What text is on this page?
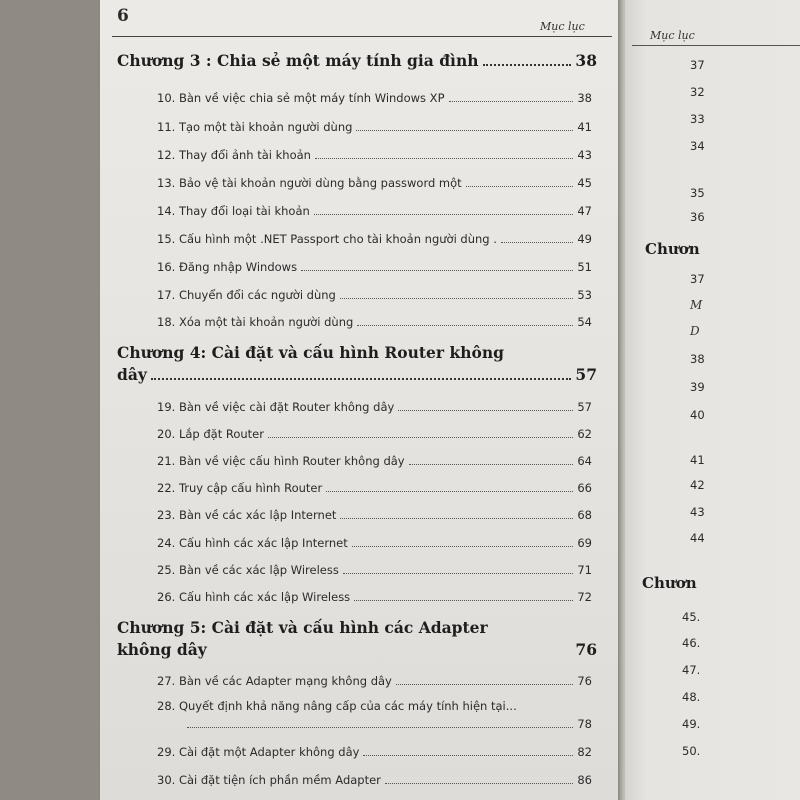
6
Mục lục
Chương 3 : Chia sẻ một máy tính gia đình	38
10. Bàn về việc chia sẻ một máy tính Windows XP	38
11. Tạo một tài khoản người dùng	41
12. Thay đổi ảnh tài khoản	43
13. Bảo vệ tài khoản người dùng bằng password một	45
14. Thay đổi loại tài khoản	47
15. Cấu hình một .NET Passport cho tài khoản người dùng .	49
16. Đăng nhập Windows	51
17. Chuyển đổi các người dùng	53
18. Xóa một tài khoản người dùng	54
Chương 4: Cài đặt và cấu hình Router không
dây	57
19. Bàn về việc cài đặt Router không dây	57
20. Lắp đặt Router	62
21. Bàn về việc cấu hình Router không dây	64
22. Truy cập cấu hình Router	66
23. Bàn về các xác lập Internet	68
24. Cấu hình các xác lập Internet	69
25. Bàn về các xác lập Wireless	71
26. Cấu hình các xác lập Wireless	72
Chương 5: Cài đặt và cấu hình các Adapter
không dây	76
27. Bàn về các Adapter mạng không dây	76
28. Quyết định khả năng nâng cấp của các máy tính hiện tại...
78
29. Cài đặt một Adapter không dây	82
30. Cài đặt tiện ích phần mềm Adapter	86
Mục lục
37
32
33
34
35
36
Chươn
37
M
D
38
39
40
41
42
43
44
Chươn
45.
46.
47.
48.
49.
50.
